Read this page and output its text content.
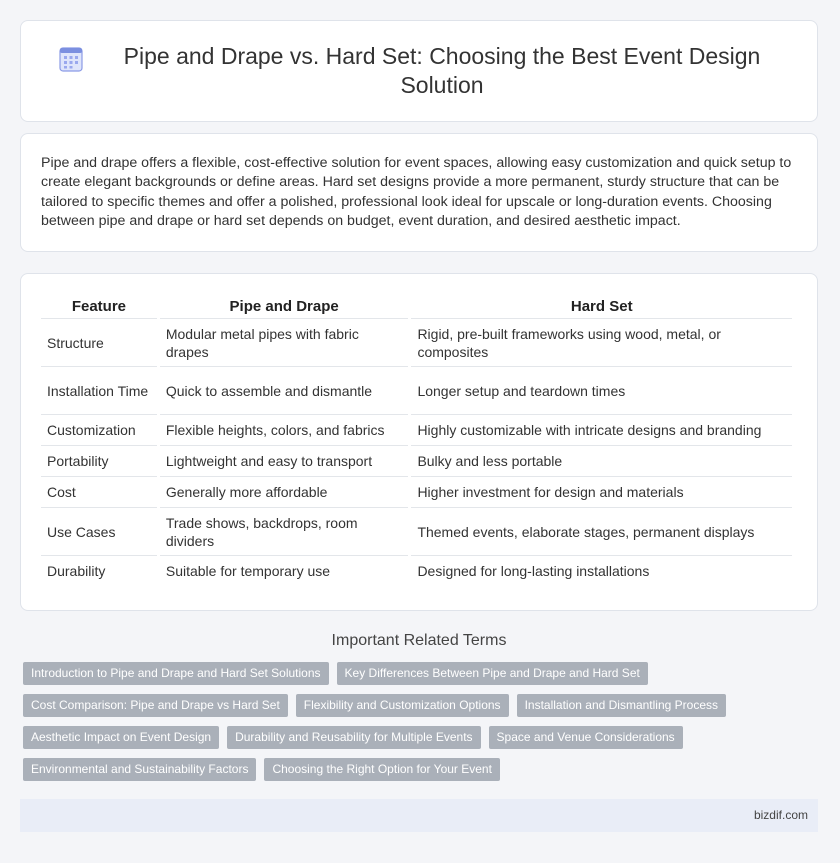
Pipe and Drape vs. Hard Set: Choosing the Best Event Design Solution

Pipe and drape offers a flexible, cost-effective solution for event spaces, allowing easy customization and quick setup to create elegant backgrounds or define areas. Hard set designs provide a more permanent, sturdy structure that can be tailored to specific themes and offer a polished, professional look ideal for upscale or long-duration events. Choosing between pipe and drape or hard set depends on budget, event duration, and desired aesthetic impact.

Feature	Pipe and Drape	Hard Set
Structure	Modular metal pipes with fabric drapes	Rigid, pre-built frameworks using wood, metal, or composites
Installation Time	Quick to assemble and dismantle	Longer setup and teardown times
Customization	Flexible heights, colors, and fabrics	Highly customizable with intricate designs and branding
Portability	Lightweight and easy to transport	Bulky and less portable
Cost	Generally more affordable	Higher investment for design and materials
Use Cases	Trade shows, backdrops, room dividers	Themed events, elaborate stages, permanent displays
Durability	Suitable for temporary use	Designed for long-lasting installations
Important Related Terms
Introduction to Pipe and Drape and Hard Set Solutions	Key Differences Between Pipe and Drape and Hard Set
Cost Comparison: Pipe and Drape vs Hard Set	Flexibility and Customization Options	Installation and Dismantling Process
Aesthetic Impact on Event Design	Durability and Reusability for Multiple Events	Space and Venue Considerations
Environmental and Sustainability Factors	Choosing the Right Option for Your Event
bizdif.com
